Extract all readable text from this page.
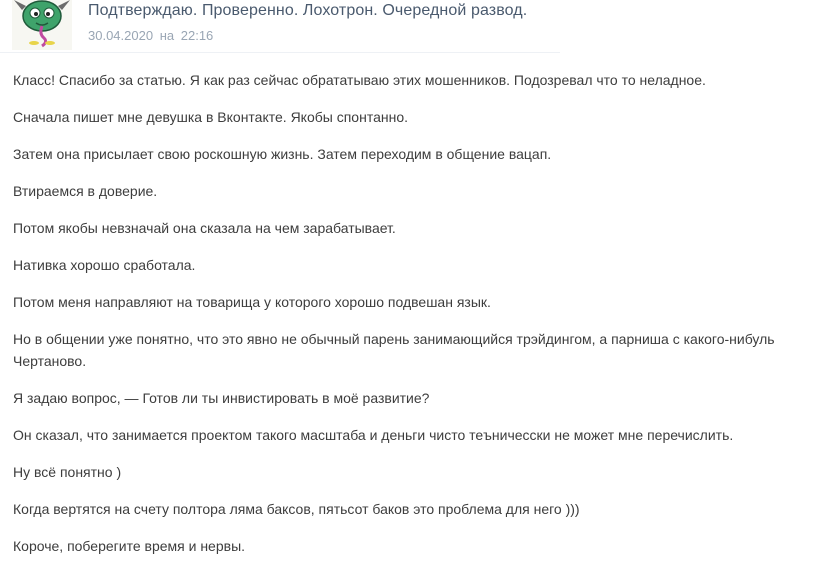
Подтверждаю. Проверенно. Лохотрон. Очередной развод.
30.04.2020 на 22:16

Класс! Спасибо за статью. Я как раз сейчас обрататываю этих мошенников. Подозревал что то неладное.

Сначала пишет мне девушка в Вконтакте. Якобы спонтанно.

Затем она присылает свою роскошную жизнь. Затем переходим в общение вацап.

Втираемся в доверие.

Потом якобы невзначай она сказала на чем зарабатывает.

Нативка хорошо сработала.

Потом меня направляют на товарища у которого хорошо подвешан язык.

Но в общении уже понятно, что это явно не обычный парень занимающийся трэйдингом, а парниша с какого-нибуль Чертаново.

Я задаю вопрос, — Готов ли ты инвистировать в моё развитие?

Он сказал, что занимается проектом такого масштаба и деньги чисто теъничесски не может мне перечислить.

Ну всё понятно )

Когда вертятся на счету полтора ляма баксов, пятьсот баков это проблема для него )))

Короче, поберегите время и нервы.
